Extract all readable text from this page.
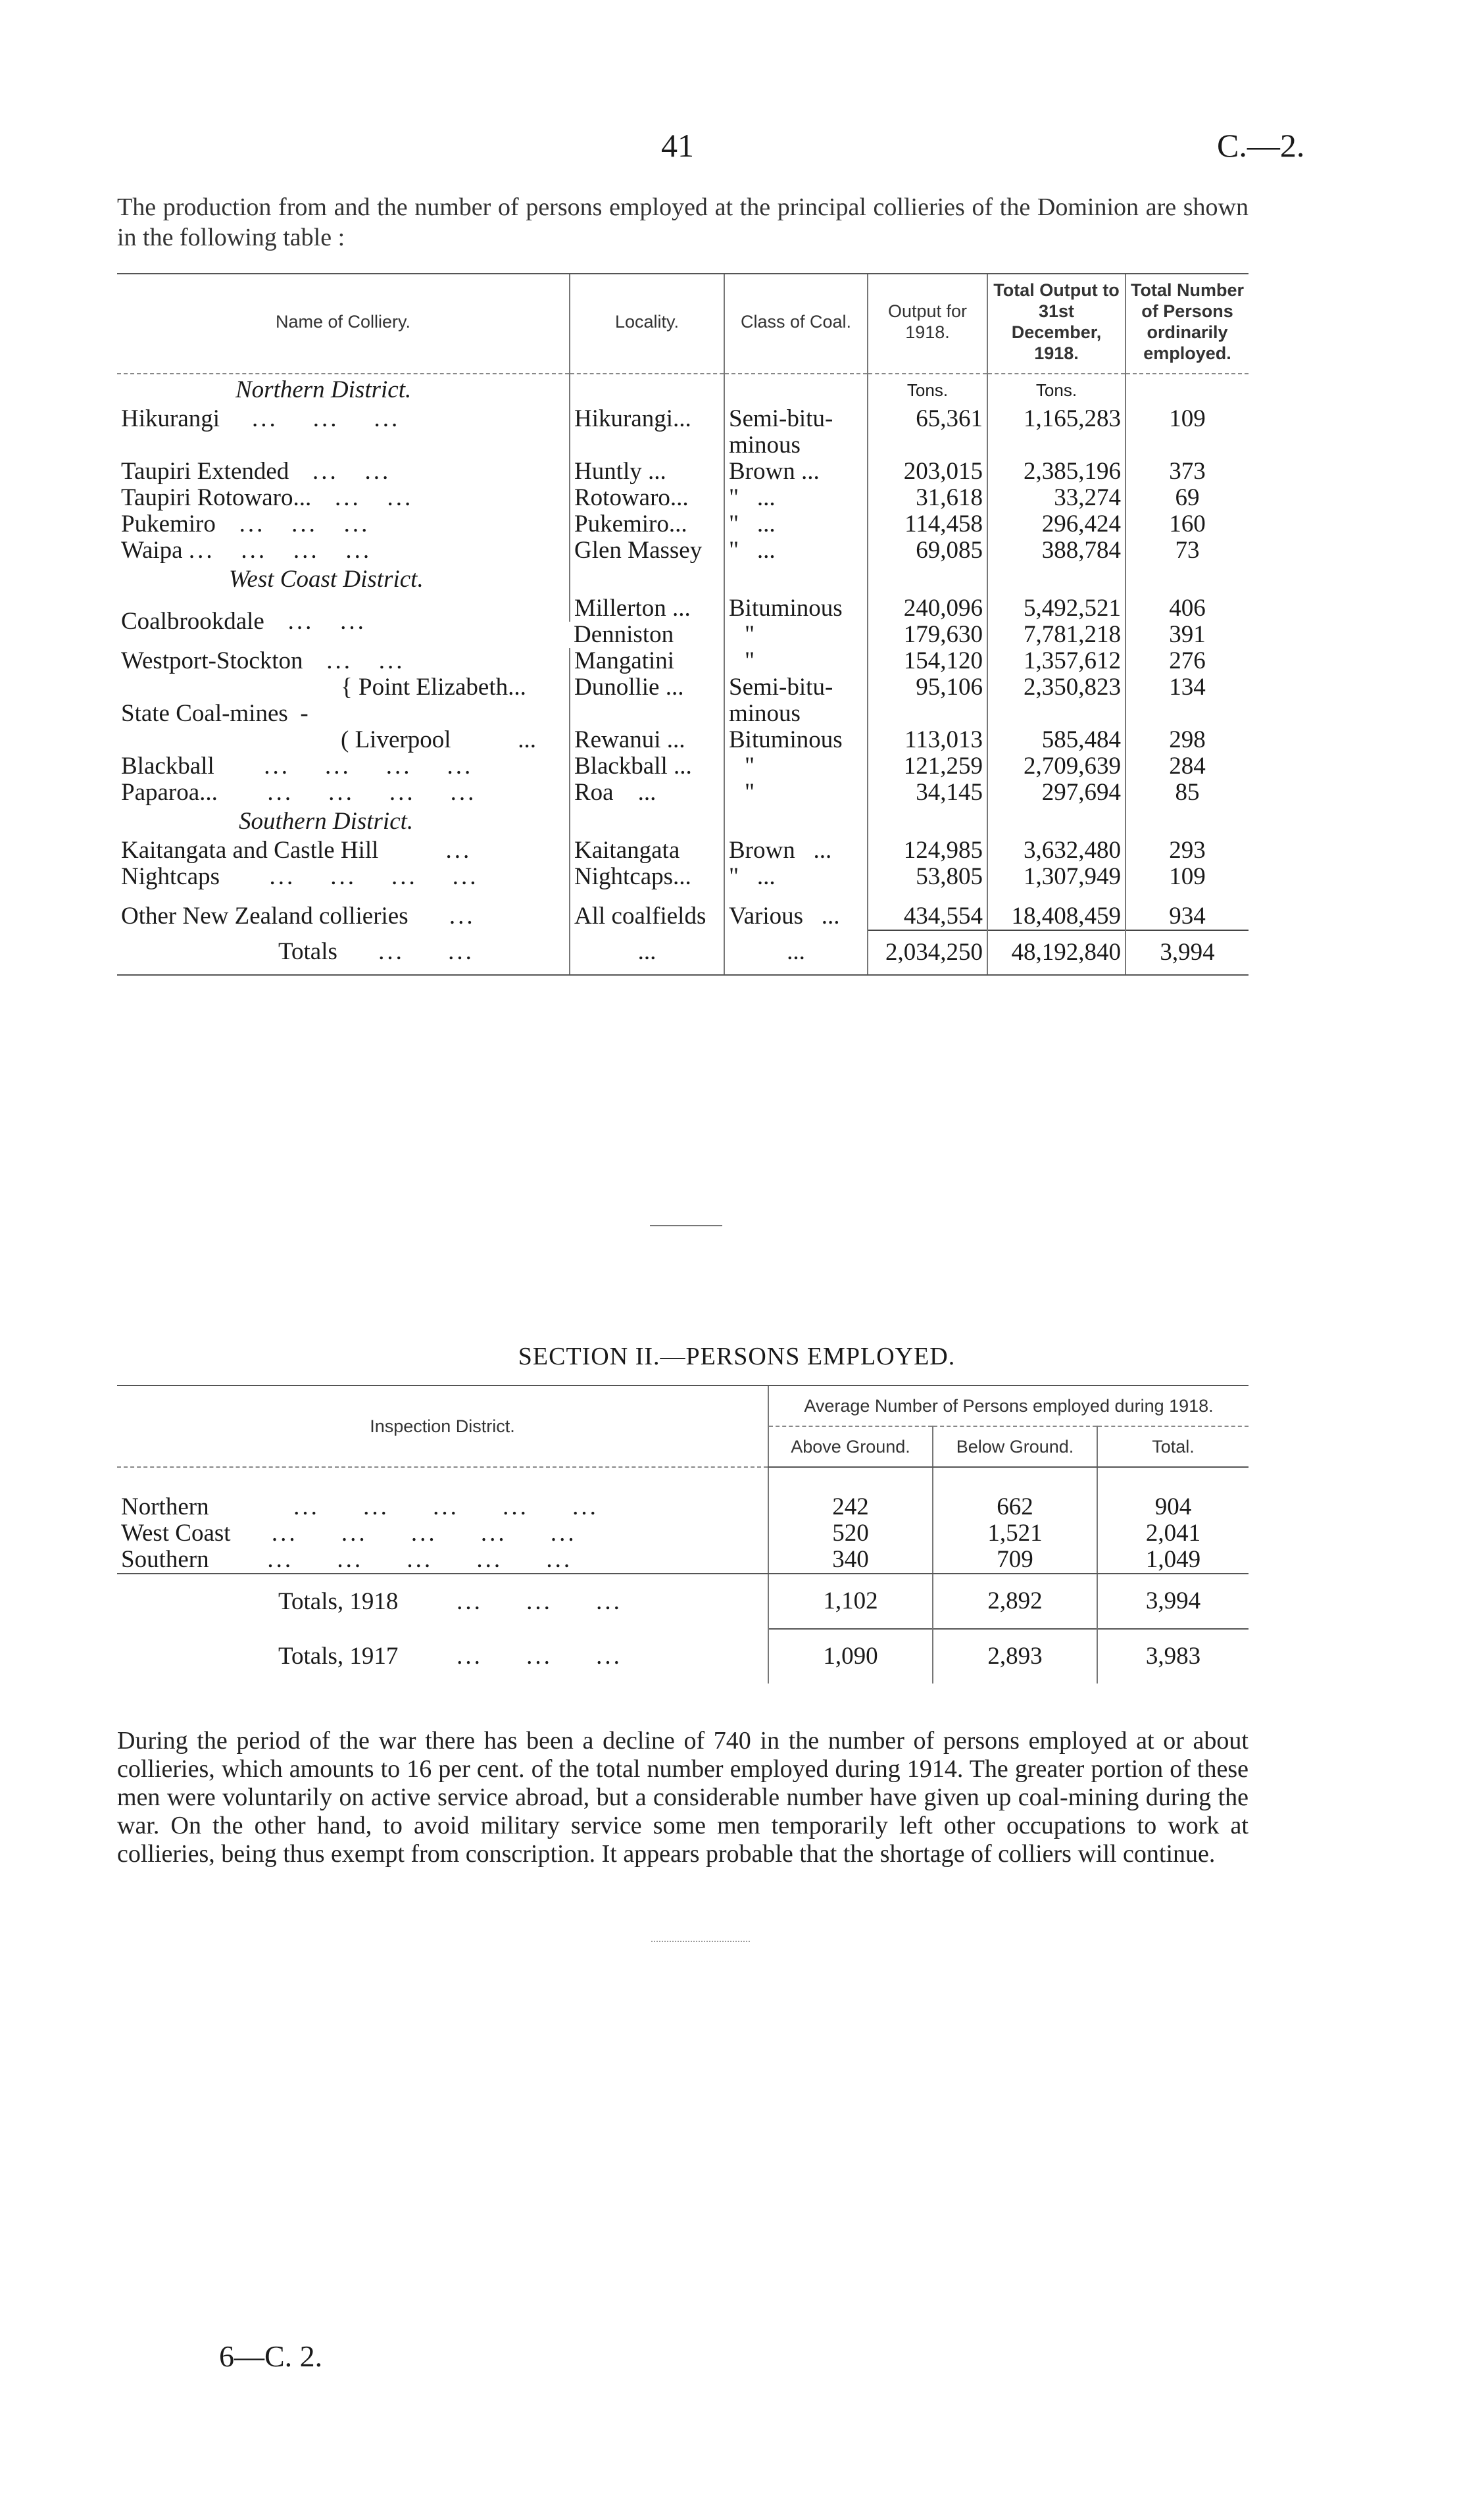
41	C.—2.
The production from and the number of persons employed at the principal collieries of the Dominion are shown in the following table :
Name of Colliery.	Locality.	Class of Coal.	Output for 1918.	Total Output to 31st December, 1918.	Total Number of Persons ordinarily employed.
Northern District.			Tons.	Tons.	
Hikurangi    ...    ...    ...	Hikurangi...	Semi-bitu-	65,361	1,165,283	109
		minous			
Taupiri Extended   ...   ...	Huntly ...	Brown ...	203,015	2,385,196	373
Taupiri Rotowaro...   ...   ...	Rotowaro...	"   ...	31,618	33,274	69
Pukemiro   ...   ...   ...	Pukemiro...	"   ...	114,458	296,424	160
Waipa ...   ...   ...   ...	Glen Massey	"   ...	69,085	388,784	73
West Coast District.					
Coalbrookdale   ...   ...	Millerton ...	Bituminous	240,096	5,492,521	406
	Denniston	"	179,630	7,781,218	391
Westport-Stockton   ...   ...	Mangatini	"	154,120	1,357,612	276
{ Point Elizabeth...	Dunollie ...	Semi-bitu-	95,106	2,350,823	134
State Coal-mines  -		minous			
( Liverpool           ...	Rewanui ...	Bituminous	113,013	585,484	298
Blackball      ...    ...    ...    ...	Blackball ...	"	121,259	2,709,639	284
Paparoa...      ...    ...    ...    ...	Roa    ...	"	34,145	297,694	85
Southern District.					
Kaitangata and Castle Hill        ...	Kaitangata	Brown   ...	124,985	3,632,480	293
Nightcaps      ...    ...    ...    ...	Nightcaps...	"   ...	53,805	1,307,949	109

Other New Zealand collieries     ...	All coalfields	Various   ...	434,554	18,408,459	934
Totals     ...     ...	...	...	2,034,250	48,192,840	3,994
SECTION II.—PERSONS EMPLOYED.
Inspection District.	Average Number of Persons employed during 1918.		
	Above Ground.	Below Ground.	Total.

Northern          ...     ...     ...     ...     ...	242	662	904
West Coast     ...     ...     ...     ...     ...	520	1,521	2,041
Southern       ...     ...     ...     ...     ...	340	709	1,049
Totals, 1918       ...     ...     ...	1,102	2,892	3,994
Totals, 1917       ...     ...     ...	1,090	2,893	3,983
During the period of the war there has been a decline of 740 in the number of persons employed at or about collieries, which amounts to 16 per cent. of the total number employed during 1914. The greater portion of these men were voluntarily on active service abroad, but a considerable number have given up coal-mining during the war. On the other hand, to avoid military service some men temporarily left other occupations to work at collieries, being thus exempt from conscription. It appears probable that the shortage of colliers will continue.
6—C. 2.
